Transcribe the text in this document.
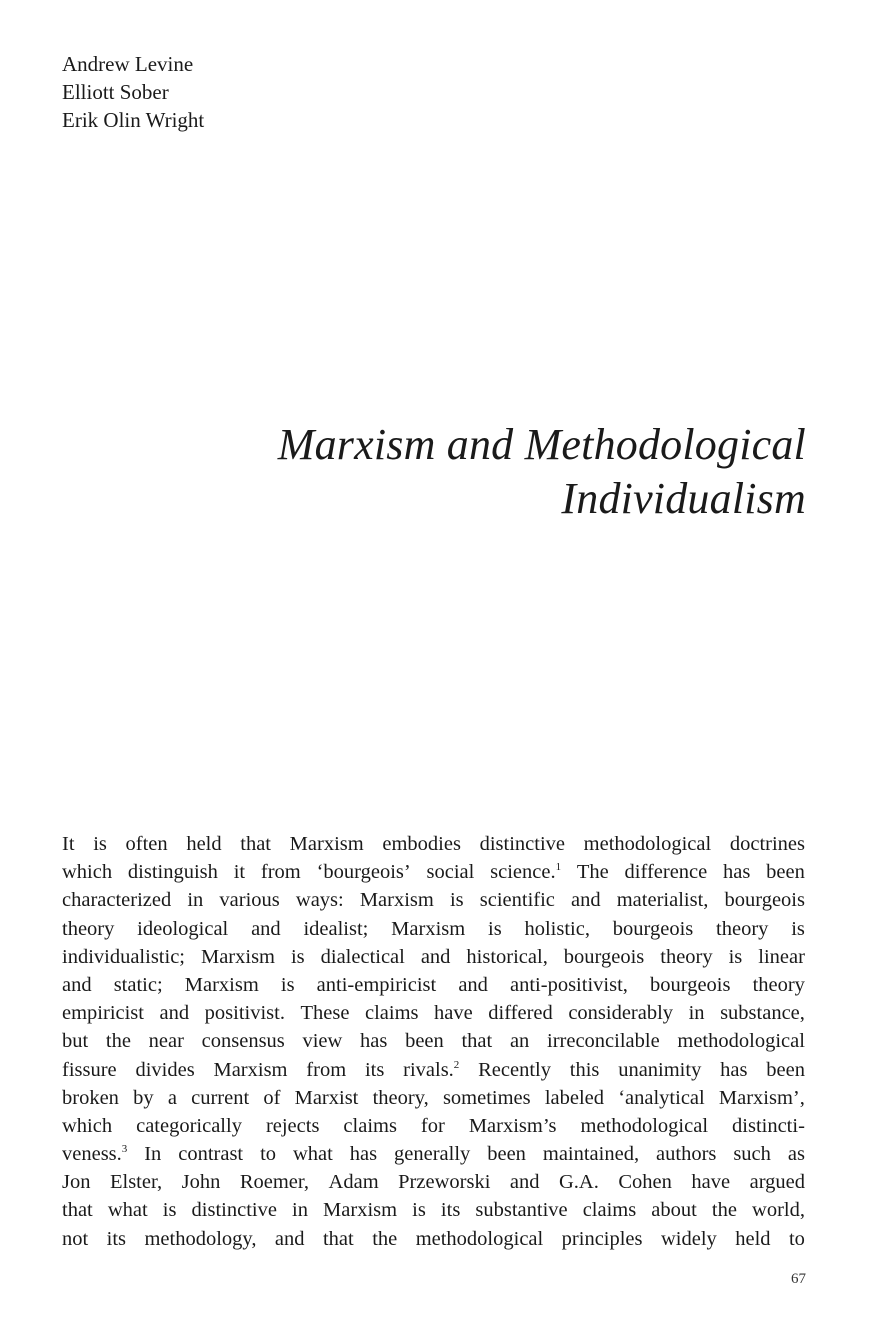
Andrew Levine
Elliott Sober
Erik Olin Wright
Marxism and Methodological
Individualism
It is often held that Marxism embodies distinctive methodological doctrines
which distinguish it from ‘bourgeois’ social science.$^1$ The difference has been
characterized in various ways: Marxism is scientific and materialist, bourgeois
theory ideological and idealist; Marxism is holistic, bourgeois theory is
individualistic; Marxism is dialectical and historical, bourgeois theory is linear
and static; Marxism is anti-empiricist and anti-positivist, bourgeois theory
empiricist and positivist. These claims have differed considerably in substance,
but the near consensus view has been that an irreconcilable methodological
fissure divides Marxism from its rivals.$^2$ Recently this unanimity has been
broken by a current of Marxist theory, sometimes labeled ‘analytical Marxism’,
which categorically rejects claims for Marxism’s methodological distincti-
veness.$^3$ In contrast to what has generally been maintained, authors such as
Jon Elster, John Roemer, Adam Przeworski and G.A. Cohen have argued
that what is distinctive in Marxism is its substantive claims about the world,
not its methodology, and that the methodological principles widely held to
67
